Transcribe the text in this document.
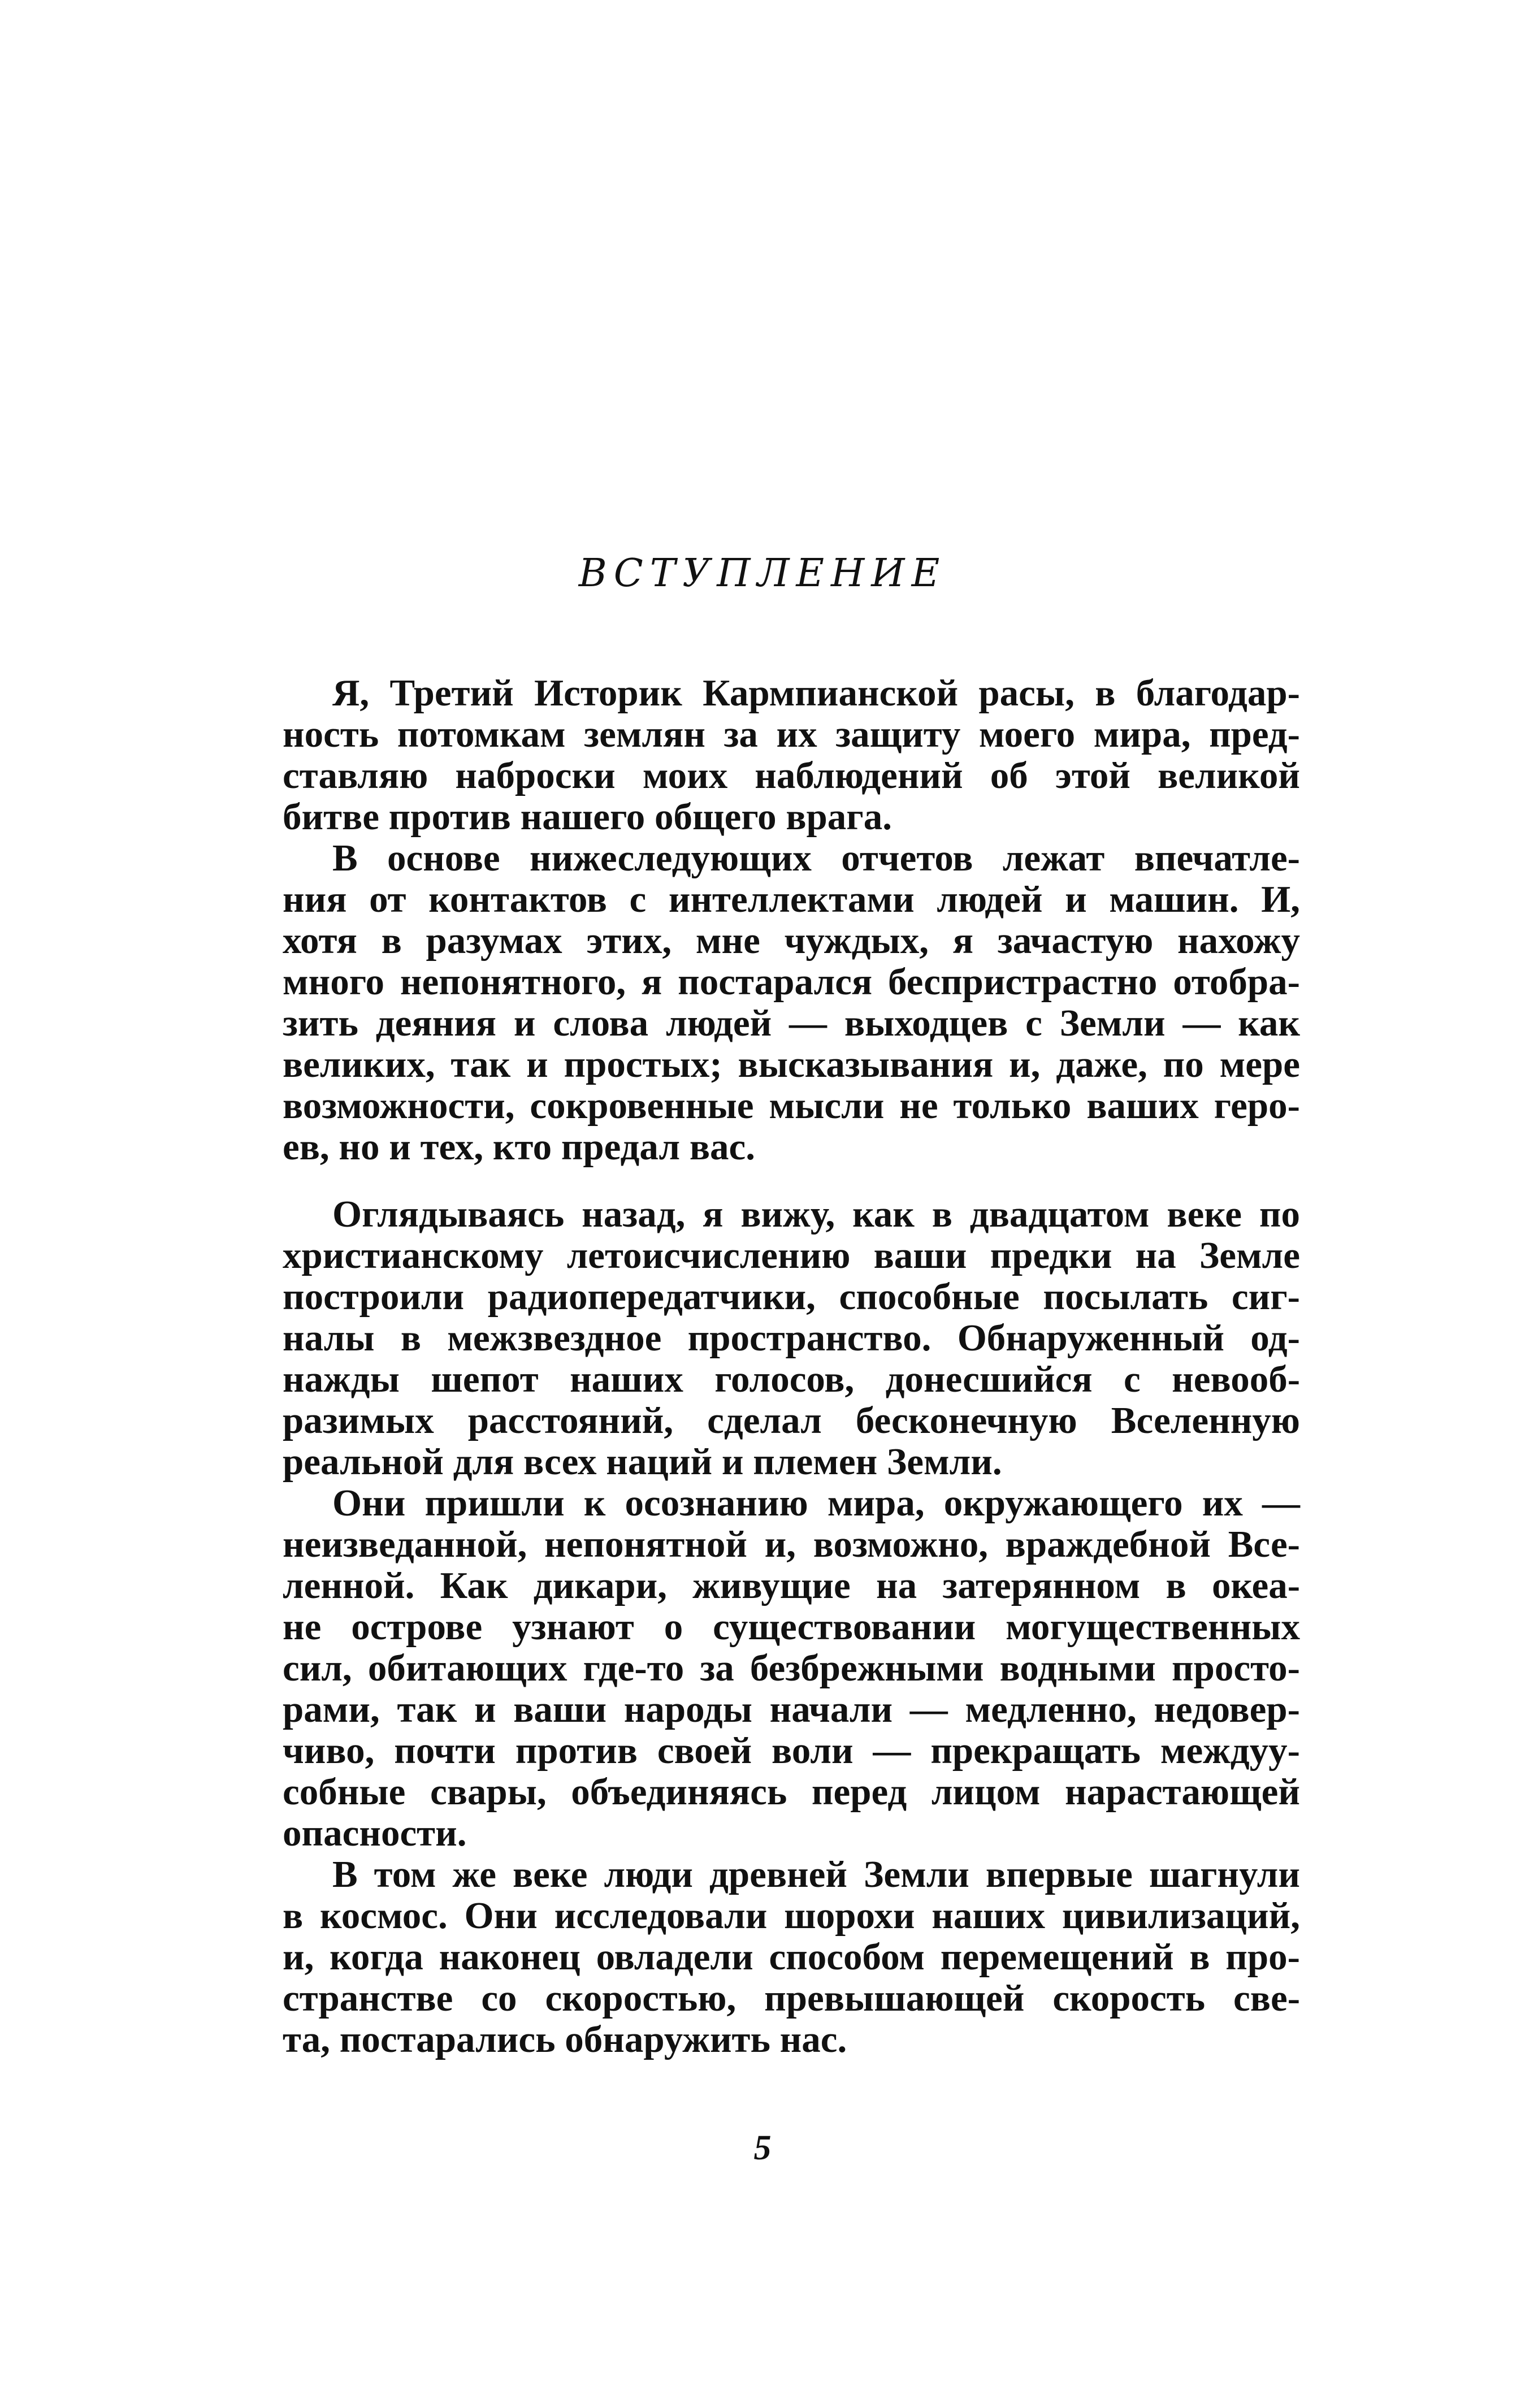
ВСТУПЛЕНИЕ
Я, Третий Историк Кармпианской расы, в благодар-
ность потомкам землян за их защиту моего мира, пред-
ставляю наброски моих наблюдений об этой великой
битве против нашего общего врага.
В основе нижеследующих отчетов лежат впечатле-
ния от контактов с интеллектами людей и машин. И,
хотя в разумах этих, мне чуждых, я зачастую нахожу
много непонятного, я постарался беспристрастно отобра-
зить деяния и слова людей — выходцев с Земли — как
великих, так и простых; высказывания и, даже, по мере
возможности, сокровенные мысли не только ваших геро-
ев, но и тех, кто предал вас.
Оглядываясь назад, я вижу, как в двадцатом веке по
христианскому летоисчислению ваши предки на Земле
построили радиопередатчики, способные посылать сиг-
налы в межзвездное пространство. Обнаруженный од-
нажды шепот наших голосов, донесшийся с невооб-
разимых расстояний, сделал бесконечную Вселенную
реальной для всех наций и племен Земли.
Они пришли к осознанию мира, окружающего их —
неизведанной, непонятной и, возможно, враждебной Все-
ленной. Как дикари, живущие на затерянном в океа-
не острове узнают о существовании могущественных
сил, обитающих где-то за безбрежными водными просто-
рами, так и ваши народы начали — медленно, недовер-
чиво, почти против своей воли — прекращать междуу-
собные свары, объединяясь перед лицом нарастающей
опасности.
В том же веке люди древней Земли впервые шагнули
в космос. Они исследовали шорохи наших цивилизаций,
и, когда наконец овладели способом перемещений в про-
странстве со скоростью, превышающей скорость све-
та, постарались обнаружить нас.
5
